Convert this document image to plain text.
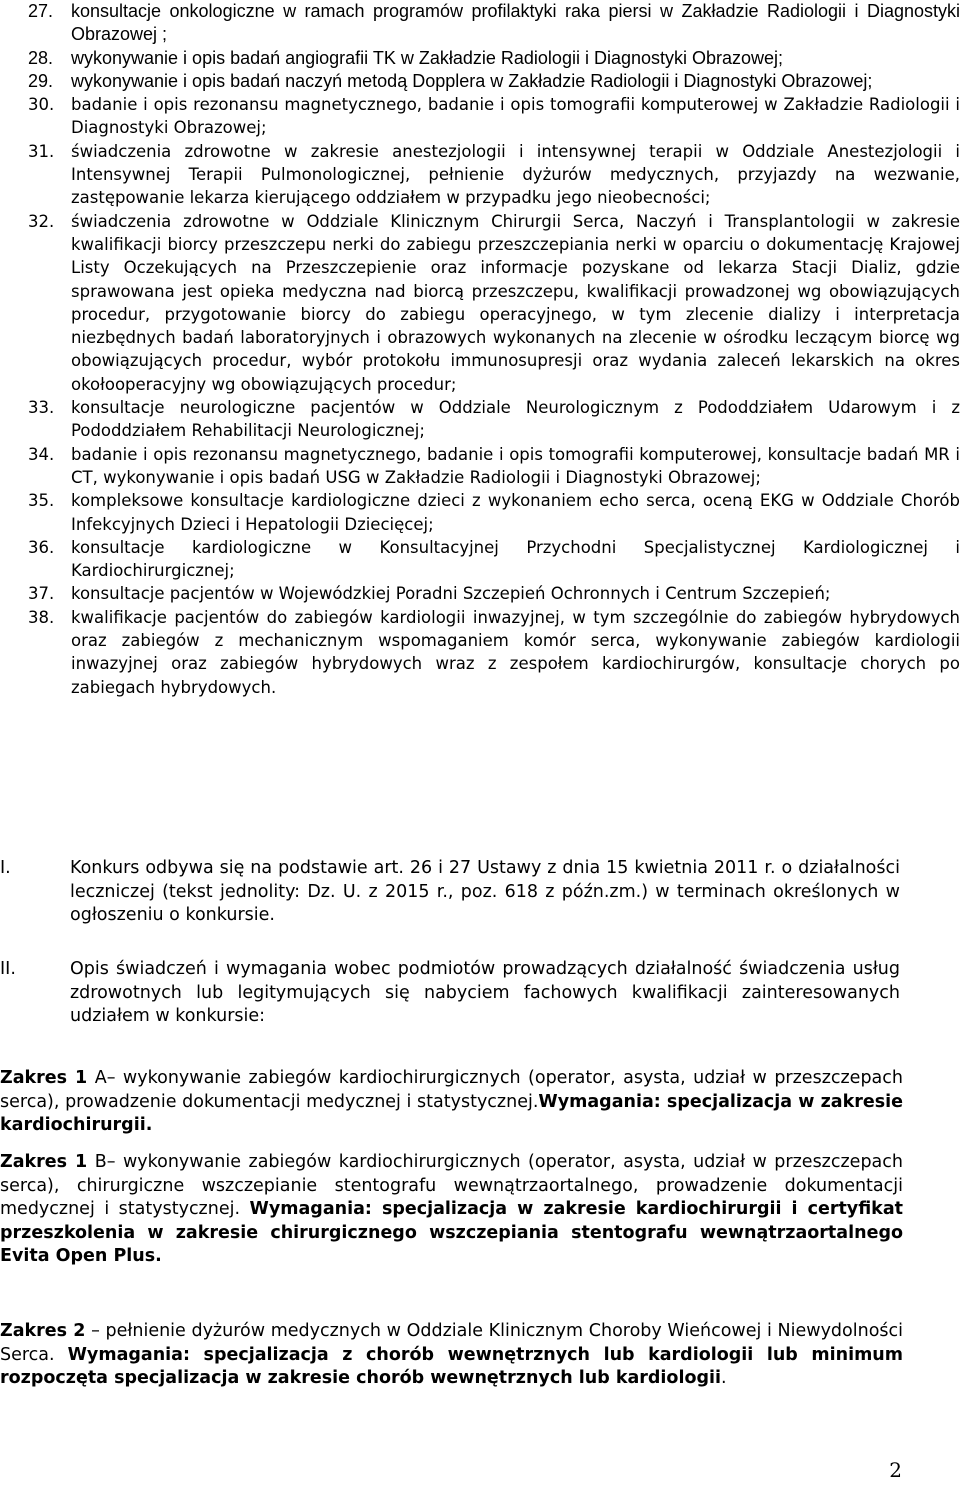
27. konsultacje onkologiczne w ramach programów profilaktyki raka piersi w Zakładzie Radiologii i Diagnostyki Obrazowej ;
28. wykonywanie i opis badań angiografii TK w Zakładzie Radiologii i Diagnostyki Obrazowej;
29. wykonywanie i opis badań naczyń metodą Dopplera w Zakładzie Radiologii i Diagnostyki Obrazowej;
30.	badanie i opis rezonansu magnetycznego, badanie i opis tomografii komputerowej w Zakładzie Radiologii i Diagnostyki Obrazowej;
31.	świadczenia zdrowotne w zakresie anestezjologii i intensywnej terapii w Oddziale Anestezjologii i Intensywnej Terapii Pulmonologicznej, pełnienie dyżurów medycznych, przyjazdy na wezwanie, zastępowanie lekarza kierującego oddziałem w przypadku jego nieobecności;
32.	świadczenia zdrowotne w Oddziale Klinicznym Chirurgii Serca, Naczyń i Transplantologii w zakresie kwalifikacji biorcy przeszczepu nerki do zabiegu przeszczepiania nerki w oparciu o dokumentację Krajowej Listy Oczekujących na Przeszczepienie oraz informacje pozyskane od lekarza Stacji Dializ, gdzie sprawowana jest opieka medyczna nad biorcą przeszczepu, kwalifikacji prowadzonej wg obowiązujących procedur, przygotowanie biorcy do zabiegu operacyjnego, w tym zlecenie dializy i interpretacja niezbędnych badań laboratoryjnych i obrazowych wykonanych na zlecenie w ośrodku leczącym biorcę wg obowiązujących procedur, wybór protokołu immunosupresji oraz wydania zaleceń lekarskich na okres okołooperacyjny wg obowiązujących procedur;
33.	konsultacje neurologiczne pacjentów w Oddziale Neurologicznym z Pododdziałem Udarowym i z Pododdziałem Rehabilitacji Neurologicznej;
34.	badanie i opis rezonansu magnetycznego, badanie i opis tomografii komputerowej, konsultacje badań MR i CT, wykonywanie i opis badań USG w Zakładzie Radiologii i Diagnostyki Obrazowej;
35.	kompleksowe konsultacje kardiologiczne dzieci z wykonaniem echo serca, oceną EKG w Oddziale Chorób Infekcyjnych Dzieci i Hepatologii Dziecięcej;
36.	konsultacje kardiologiczne w Konsultacyjnej Przychodni Specjalistycznej Kardiologicznej i Kardiochirurgicznej;
37.	konsultacje pacjentów w Wojewódzkiej Poradni Szczepień Ochronnych i Centrum Szczepień;
38.	kwalifikacje pacjentów do zabiegów kardiologii inwazyjnej, w tym szczególnie do zabiegów hybrydowych oraz zabiegów z mechanicznym wspomaganiem komór serca, wykonywanie zabiegów kardiologii inwazyjnej oraz zabiegów hybrydowych wraz z zespołem kardiochirurgów, konsultacje chorych po zabiegach hybrydowych.
I.	Konkurs odbywa się na podstawie art. 26 i 27 Ustawy z dnia 15 kwietnia 2011 r. o działalności leczniczej (tekst jednolity: Dz. U. z 2015 r., poz. 618 z późn.zm.) w terminach określonych w ogłoszeniu o konkursie.
II.	Opis świadczeń i wymagania wobec podmiotów prowadzących działalność świadczenia usług zdrowotnych lub legitymujących się nabyciem fachowych kwalifikacji zainteresowanych udziałem w konkursie:
Zakres 1 A– wykonywanie zabiegów kardiochirurgicznych (operator, asysta, udział w przeszczepach serca), prowadzenie dokumentacji medycznej i statystycznej.Wymagania: specjalizacja w zakresie kardiochirurgii.
Zakres 1 B– wykonywanie zabiegów kardiochirurgicznych (operator, asysta, udział w przeszczepach serca), chirurgiczne wszczepianie stentografu wewnątrzaortalnego, prowadzenie dokumentacji medycznej i statystycznej. Wymagania: specjalizacja w zakresie kardiochirurgii i certyfikat przeszkolenia w zakresie chirurgicznego wszczepiania stentografu wewnątrzaortalnego Evita Open Plus.
Zakres 2 – pełnienie dyżurów medycznych w Oddziale Klinicznym Choroby Wieńcowej i Niewydolności Serca. Wymagania: specjalizacja z chorób wewnętrznych lub kardiologii lub minimum rozpoczęta specjalizacja w zakresie chorób wewnętrznych lub kardiologii.
2
